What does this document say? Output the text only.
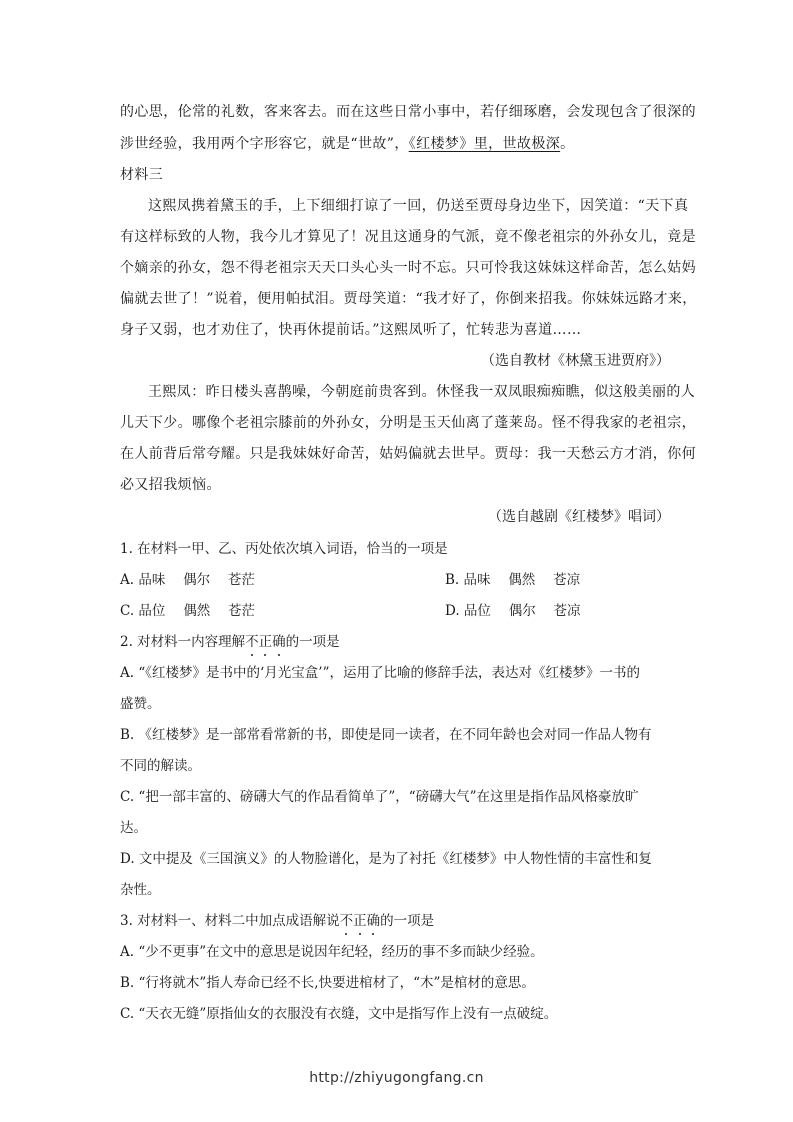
的心思，伦常的礼数，客来客去。而在这些日常小事中，若仔细琢磨，会发现包含了很深的
涉世经验，我用两个字形容它，就是“世故”，《红楼梦》里，世故极深。
材料三
这熙凤携着黛玉的手，上下细细打谅了一回，仍送至贾母身边坐下，因笑道：“天下真
有这样标致的人物，我今儿才算见了！况且这通身的气派，竟不像老祖宗的外孙女儿，竟是
个嫡亲的孙女，怨不得老祖宗天天口头心头一时不忘。只可怜我这妹妹这样命苦，怎么姑妈
偏就去世了！”说着，便用帕拭泪。贾母笑道：“我才好了，你倒来招我。你妹妹远路才来，
身子又弱，也才劝住了，快再休提前话。”这熙凤听了，忙转悲为喜道……
（选自教材《林黛玉进贾府》）
王熙凤：昨日楼头喜鹊噪，今朝庭前贵客到。休怪我一双凤眼痴痴瞧，似这般美丽的人
儿天下少。哪像个老祖宗膝前的外孙女，分明是玉天仙离了蓬莱岛。怪不得我家的老祖宗，
在人前背后常夸耀。只是我妹妹好命苦，姑妈偏就去世早。贾母：我一天愁云方才消，你何
必又招我烦恼。
（选自越剧《红楼梦》唱词）
1. 在材料一甲、乙、丙处依次填入词语，恰当的一项是
A. 品味　 偶尔　 苍茫	B. 品味　 偶然　 苍凉
C. 品位　 偶然　 苍茫	D. 品位　 偶尔　 苍凉
2. 对材料一内容理解不正确的一项是
A. “《红楼梦》是书中的‘月光宝盒’”，运用了比喻的修辞手法，表达对《红楼梦》一书的
盛赞。
B. 《红楼梦》是一部常看常新的书，即使是同一读者，在不同年龄也会对同一作品人物有
不同的解读。
C. “把一部丰富的、磅礴大气的作品看简单了”，“磅礴大气”在这里是指作品风格豪放旷
达。
D. 文中提及《三国演义》的人物脸谱化，是为了衬托《红楼梦》中人物性情的丰富性和复
杂性。
3. 对材料一、材料二中加点成语解说不正确的一项是
A. “少不更事”在文中的意思是说因年纪轻，经历的事不多而缺少经验。
B. “行将就木”指人寿命已经不长,快要进棺材了，“木”是棺材的意思。
C. “天衣无缝”原指仙女的衣服没有衣缝，文中是指写作上没有一点破绽。
http://zhiyugongfang.cn
